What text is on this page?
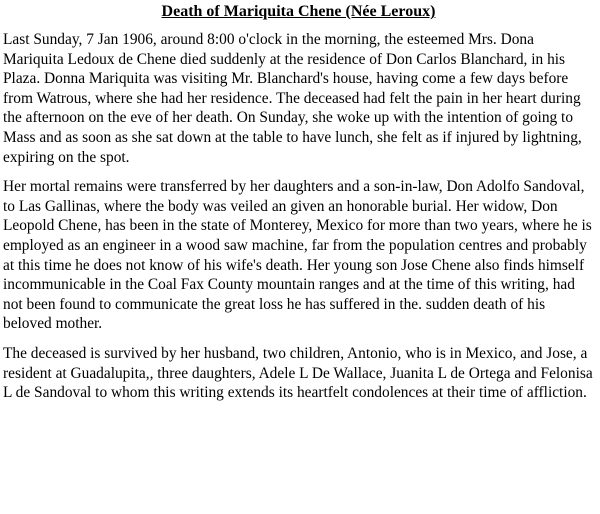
Death of Mariquita Chene (Née Leroux)

Last Sunday, 7 Jan 1906, around 8:00 o'clock in the morning, the esteemed Mrs. Dona Mariquita Ledoux de Chene died suddenly at the residence of Don Carlos Blanchard, in his Plaza. Donna Mariquita was visiting Mr. Blanchard's house, having come a few days before from Watrous, where she had her residence. The deceased had felt the pain in her heart during the afternoon on the eve of her death. On Sunday, she woke up with the intention of going to Mass and as soon as she sat down at the table to have lunch, she felt as if injured by lightning, expiring on the spot.

Her mortal remains were transferred by her daughters and a son-in-law, Don Adolfo Sandoval, to Las Gallinas, where the body was veiled an given an honorable burial. Her widow, Don Leopold Chene, has been in the state of Monterey, Mexico for more than two years, where he is employed as an engineer in a wood saw machine, far from the population centres and probably at this time he does not know of his wife's death. Her young son Jose Chene also finds himself incommunicable in the Coal Fax County mountain ranges and at the time of this writing, had not been found to communicate the great loss he has suffered in the. sudden death of his beloved mother.

The deceased is survived by her husband, two children, Antonio, who is in Mexico, and Jose, a resident at Guadalupita,, three daughters, Adele L De Wallace, Juanita L de Ortega and Felonisa L de Sandoval to whom this writing extends its heartfelt condolences at their time of affliction.
